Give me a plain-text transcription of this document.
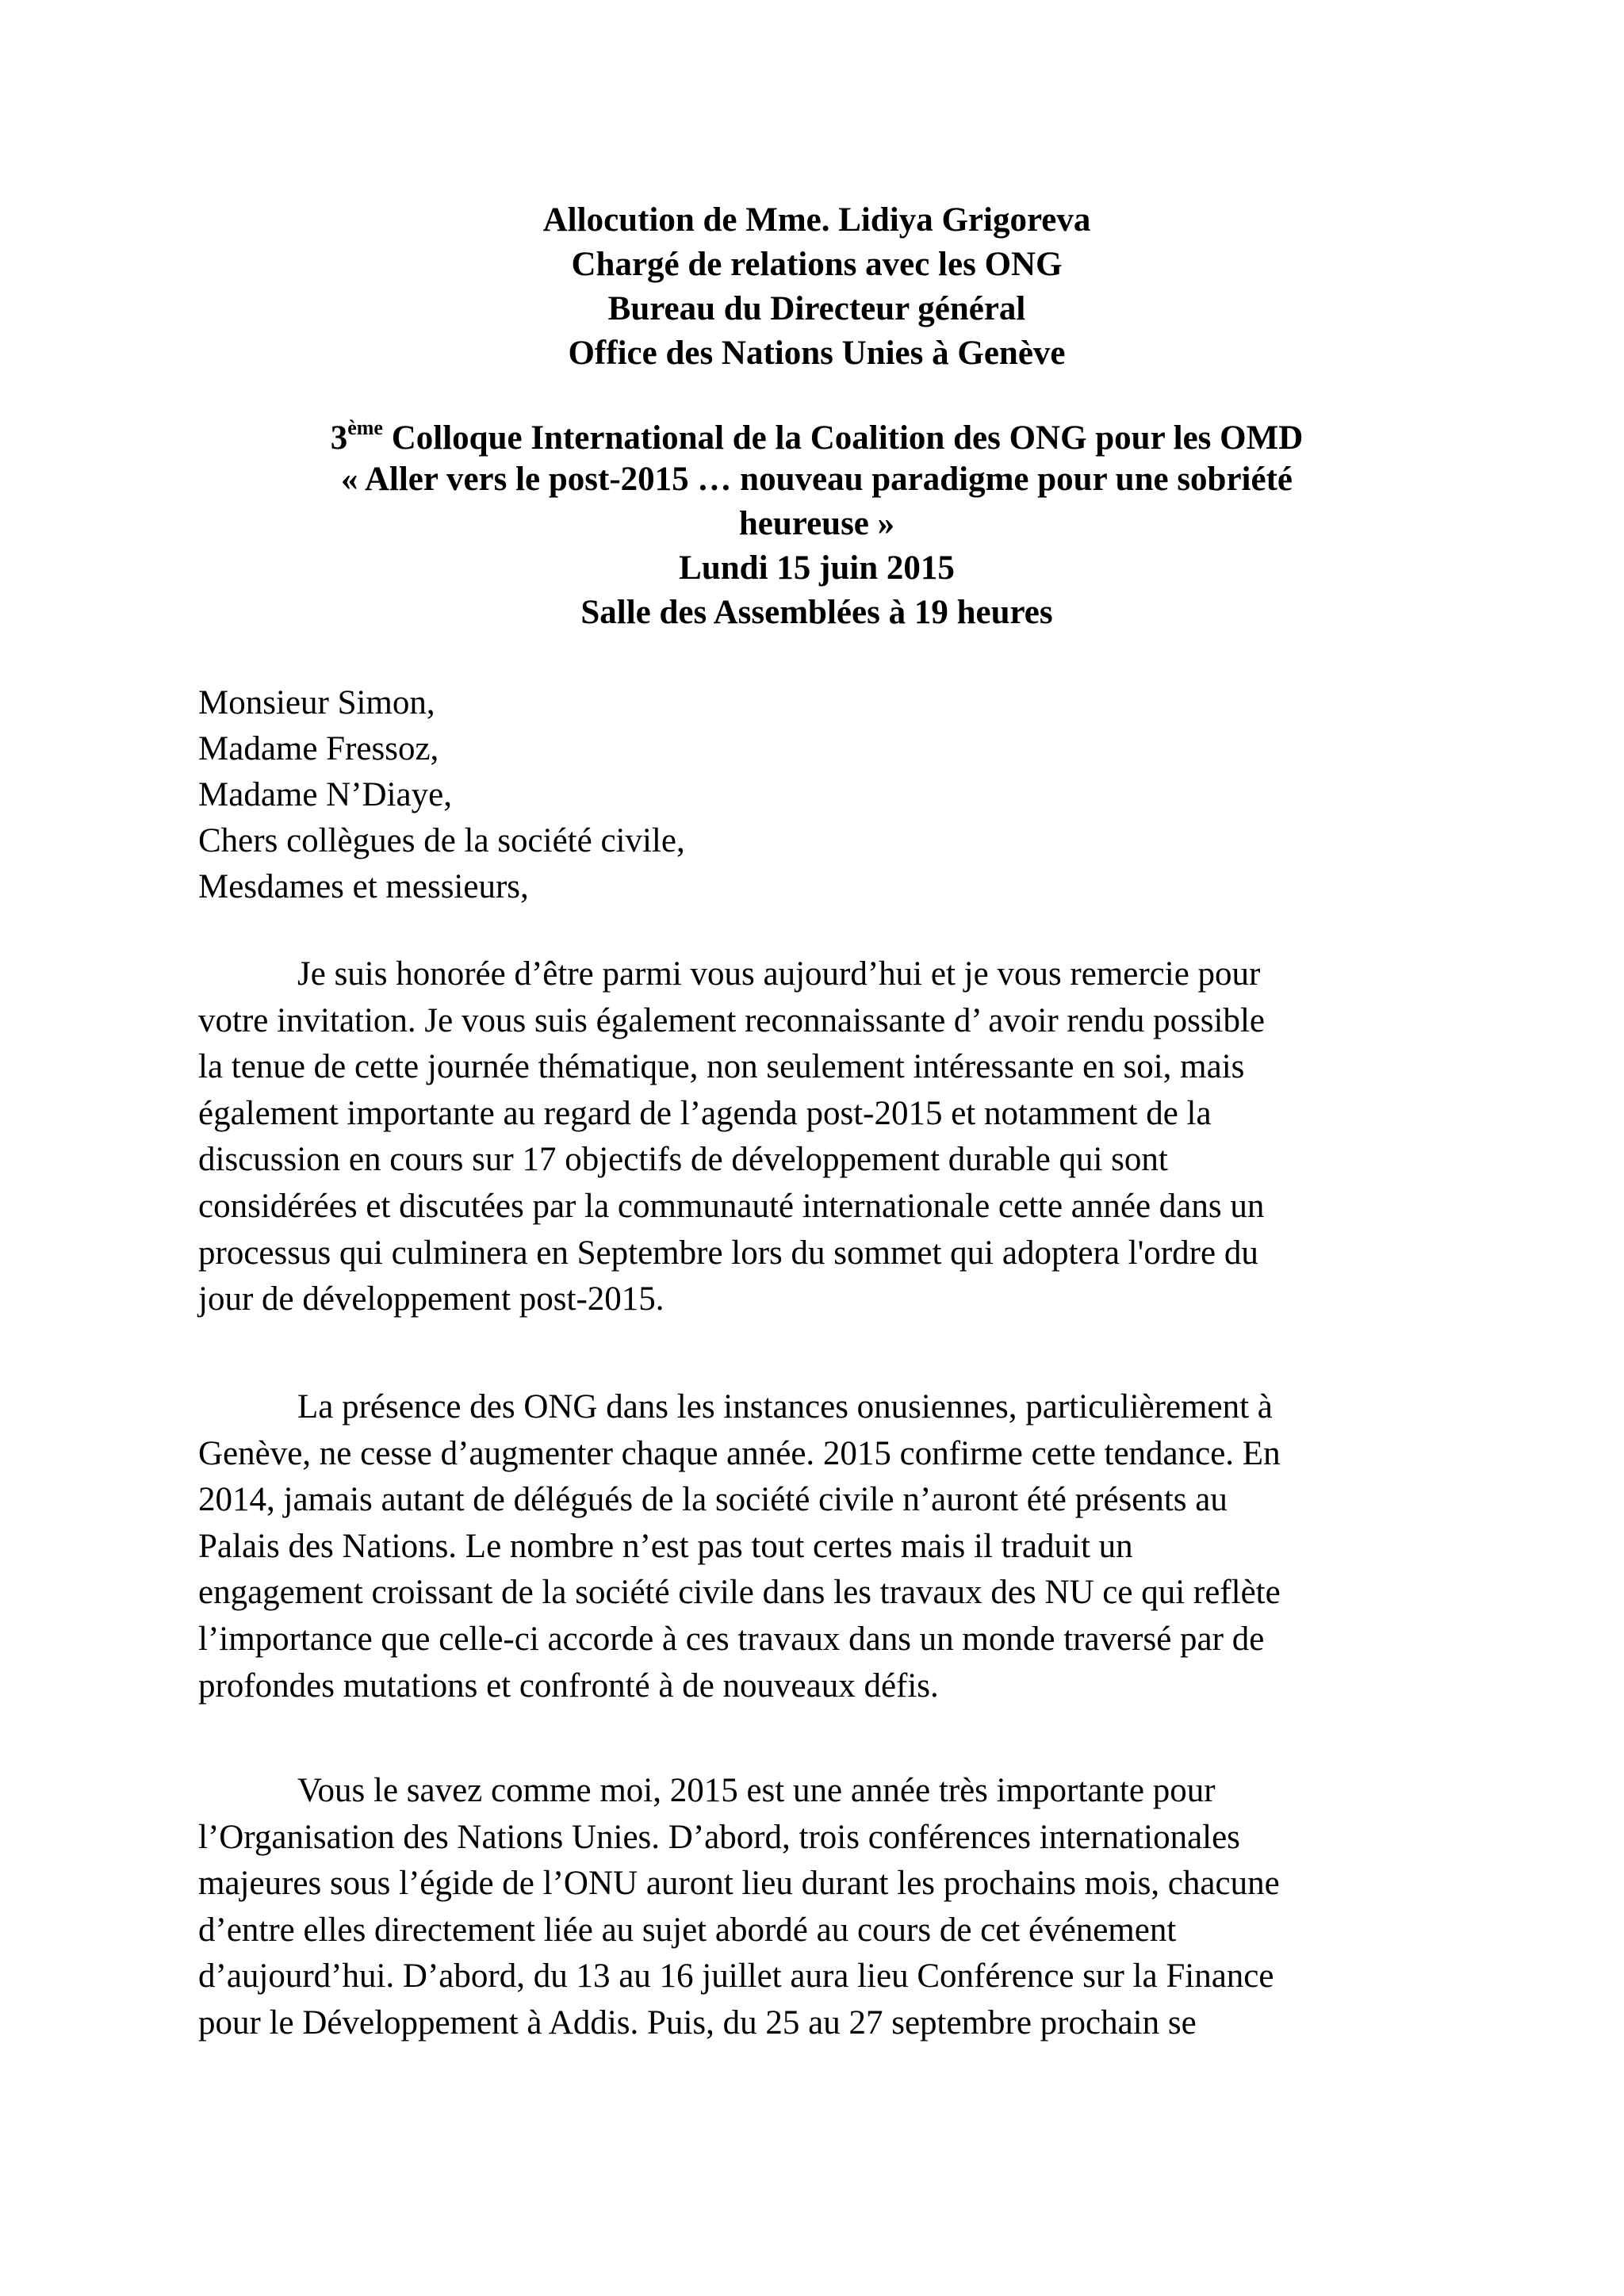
Allocution de Mme. Lidiya Grigoreva
Chargé de relations avec les ONG
Bureau du Directeur général
Office des Nations Unies à Genève
3ème Colloque International de la Coalition des ONG pour les OMD
« Aller vers le post-2015 … nouveau paradigme pour une sobriété
heureuse »
Lundi 15 juin 2015
Salle des Assemblées à 19 heures
Monsieur Simon,
Madame Fressoz,
Madame N’Diaye,
Chers collègues de la société civile,
Mesdames et messieurs,
Je suis honorée d’être parmi vous aujourd’hui et je vous remercie pour
votre invitation. Je vous suis également reconnaissante d’ avoir rendu possible
la tenue de cette journée thématique, non seulement intéressante en soi, mais
également importante au regard de l’agenda post-2015 et notamment de la
discussion en cours sur 17 objectifs de développement durable qui sont
considérées et discutées par la communauté internationale cette année dans un
processus qui culminera en Septembre lors du sommet qui adoptera l'ordre du
jour de développement post-2015.
La présence des ONG dans les instances onusiennes, particulièrement à
Genève, ne cesse d’augmenter chaque année. 2015 confirme cette tendance. En
2014, jamais autant de délégués de la société civile n’auront été présents au
Palais des Nations. Le nombre n’est pas tout certes mais il traduit un
engagement croissant de la société civile dans les travaux des NU ce qui reflète
l’importance que celle-ci accorde à ces travaux dans un monde traversé par de
profondes mutations et confronté à de nouveaux défis.
Vous le savez comme moi, 2015 est une année très importante pour
l’Organisation des Nations Unies. D’abord, trois conférences internationales
majeures sous l’égide de l’ONU auront lieu durant les prochains mois, chacune
d’entre elles directement liée au sujet abordé au cours de cet événement
d’aujourd’hui. D’abord, du 13 au 16 juillet aura lieu Conférence sur la Finance
pour le Développement à Addis. Puis, du 25 au 27 septembre prochain se
